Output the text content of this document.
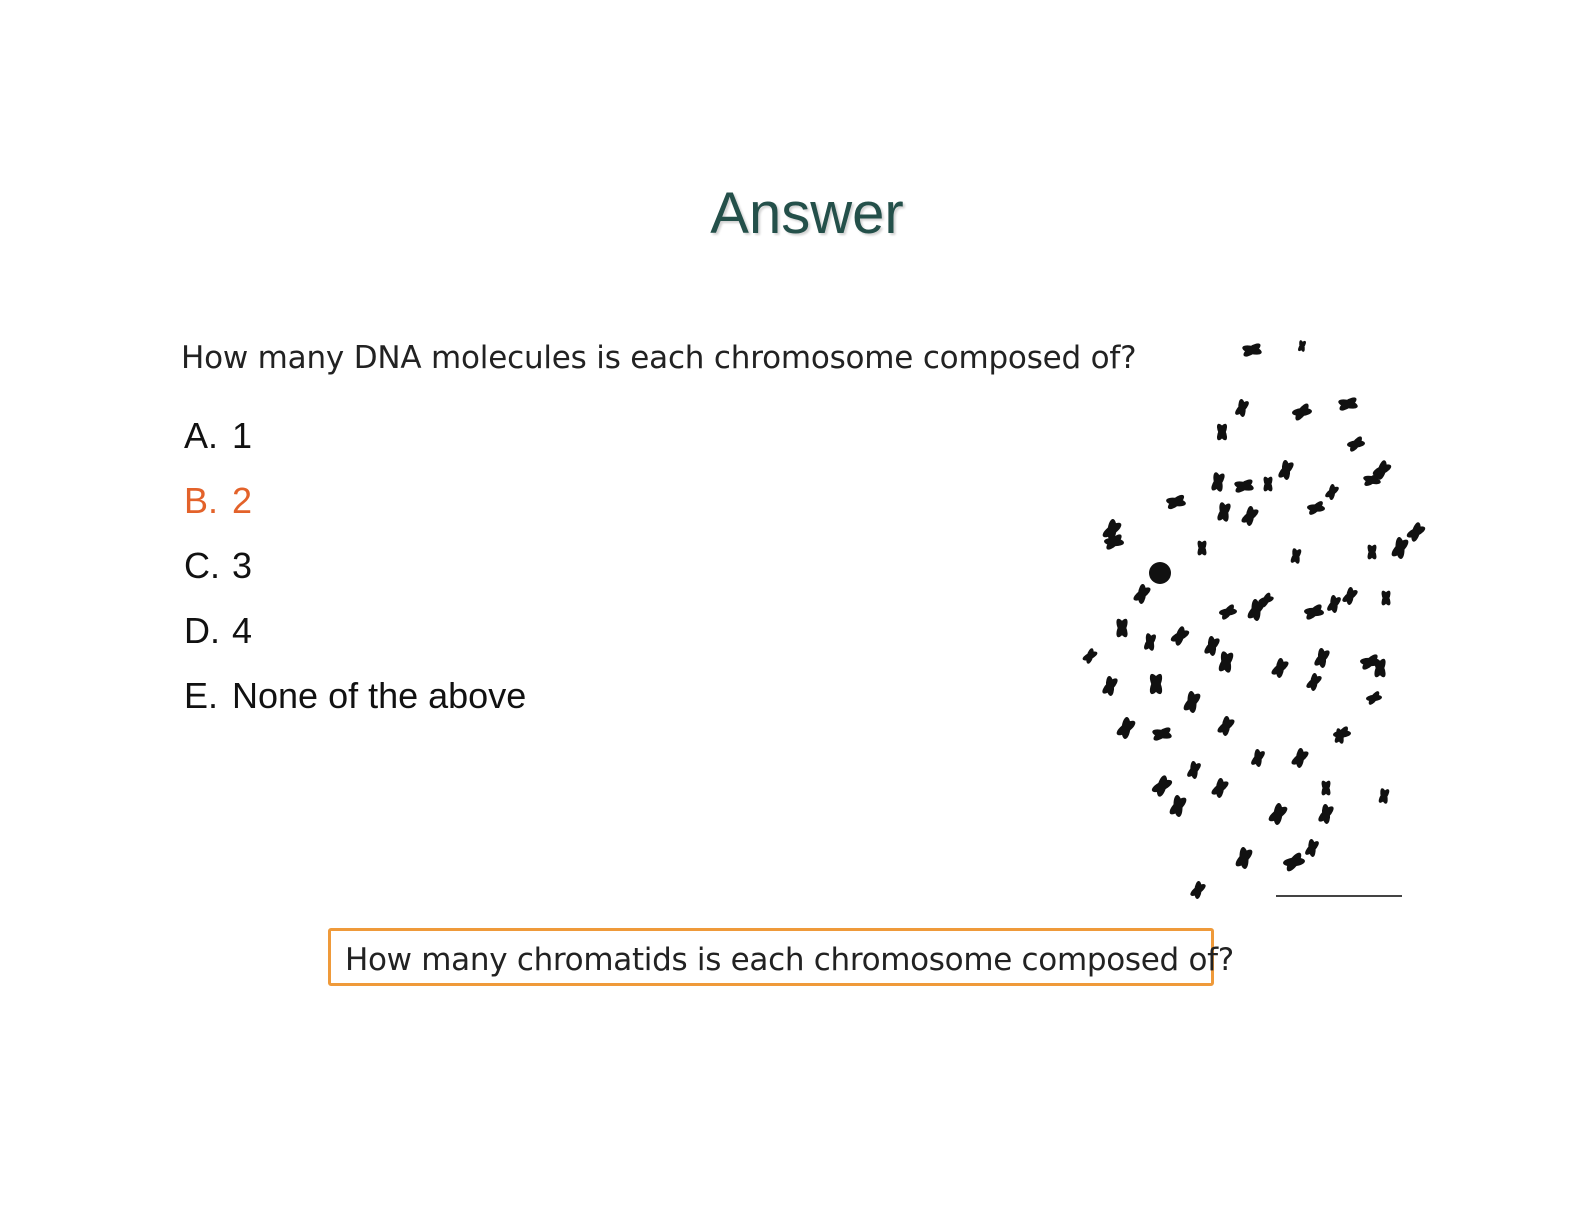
Answer
How many DNA molecules is each chromosome composed of?
A. 1
B. 2
C. 3
D. 4
E. None of the above
How many chromatids is each chromosome composed of?
